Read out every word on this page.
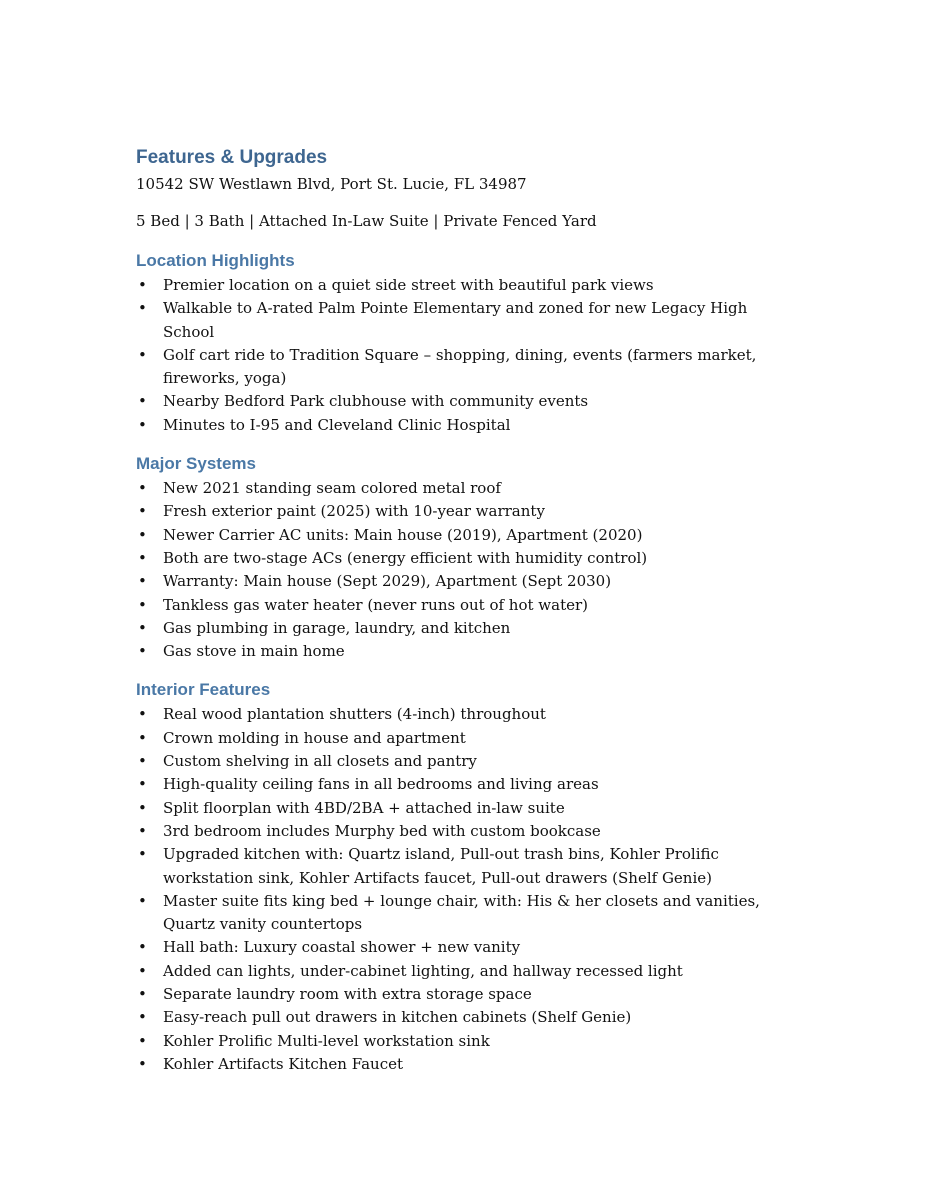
Features & Upgrades

10542 SW Westlawn Blvd, Port St. Lucie, FL 34987

5 Bed | 3 Bath | Attached In-Law Suite | Private Fenced Yard

Location Highlights
• Premier location on a quiet side street with beautiful park views
• Walkable to A-rated Palm Pointe Elementary and zoned for new Legacy High School
• Golf cart ride to Tradition Square – shopping, dining, events (farmers market, fireworks, yoga)
• Nearby Bedford Park clubhouse with community events
• Minutes to I-95 and Cleveland Clinic Hospital
Major Systems
• New 2021 standing seam colored metal roof
• Fresh exterior paint (2025) with 10-year warranty
• Newer Carrier AC units: Main house (2019), Apartment (2020)
• Both are two-stage ACs (energy efficient with humidity control)
• Warranty: Main house (Sept 2029), Apartment (Sept 2030)
• Tankless gas water heater (never runs out of hot water)
• Gas plumbing in garage, laundry, and kitchen
• Gas stove in main home
Interior Features
• Real wood plantation shutters (4-inch) throughout
• Crown molding in house and apartment
• Custom shelving in all closets and pantry
• High-quality ceiling fans in all bedrooms and living areas
• Split floorplan with 4BD/2BA + attached in-law suite
• 3rd bedroom includes Murphy bed with custom bookcase
• Upgraded kitchen with: Quartz island, Pull-out trash bins, Kohler Prolific workstation sink, Kohler Artifacts faucet, Pull-out drawers (Shelf Genie)
• Master suite fits king bed + lounge chair, with: His & her closets and vanities, Quartz vanity countertops
• Hall bath: Luxury coastal shower + new vanity
• Added can lights, under-cabinet lighting, and hallway recessed light
• Separate laundry room with extra storage space
• Easy-reach pull out drawers in kitchen cabinets (Shelf Genie)
• Kohler Prolific Multi-level workstation sink
• Kohler Artifacts Kitchen Faucet
